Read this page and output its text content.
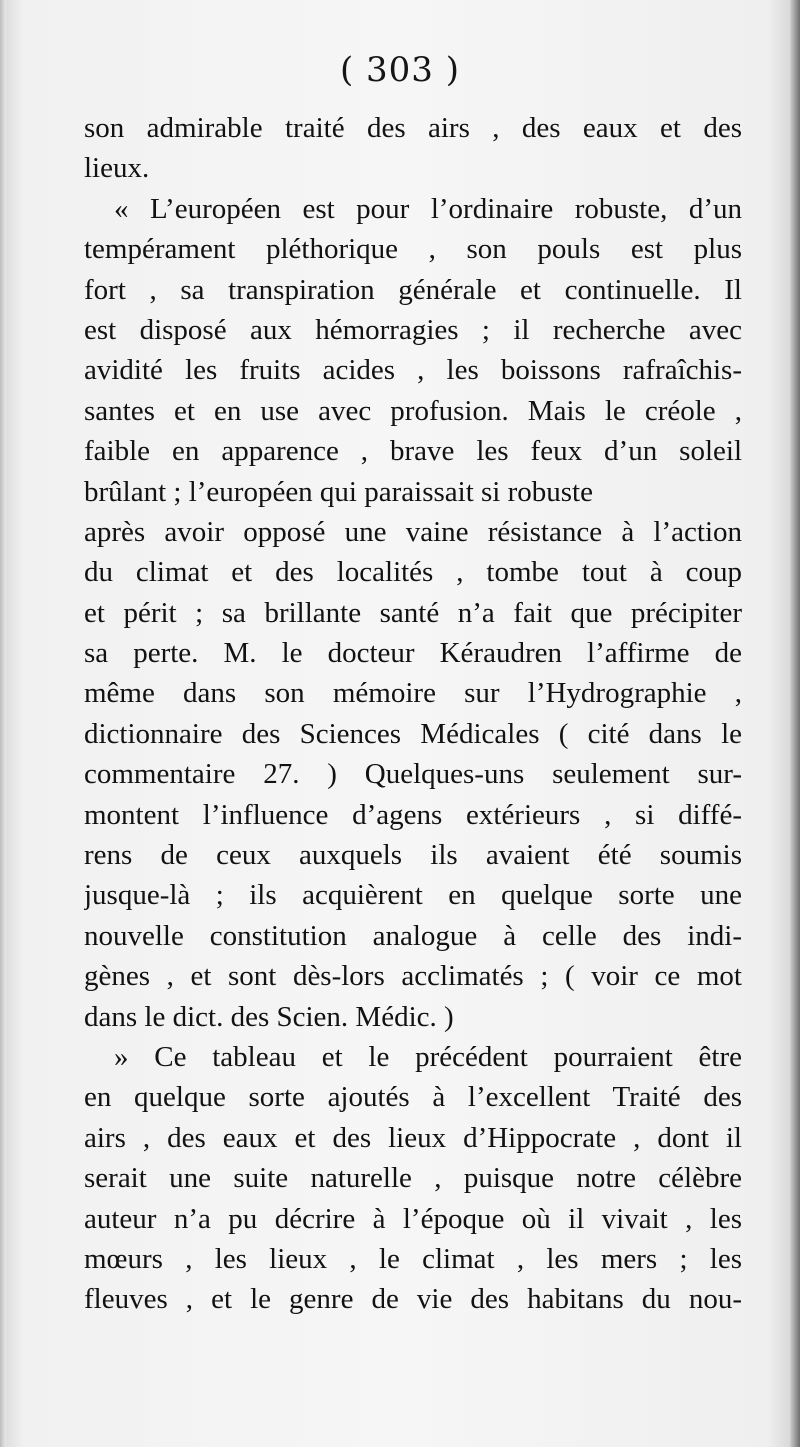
( 303 )
son admirable traité des airs , des eaux et des
lieux.
« L’européen est pour l’ordinaire robuste, d’un
tempérament pléthorique , son pouls est plus
fort , sa transpiration générale et continuelle. Il
est disposé aux hémorragies ; il recherche avec
avidité les fruits acides , les boissons rafraîchis-
santes et en use avec profusion. Mais le créole ,
faible en apparence , brave les feux d’un soleil
brûlant ; l’européen qui paraissait si robuste
après avoir opposé une vaine résistance à l’action
du climat et des localités , tombe tout à coup
et périt ; sa brillante santé n’a fait que précipiter
sa perte. M. le docteur Kéraudren l’affirme de
même dans son mémoire sur l’Hydrographie ,
dictionnaire des Sciences Médicales ( cité dans le
commentaire 27. ) Quelques-uns seulement sur-
montent l’influence d’agens extérieurs , si diffé-
rens de ceux auxquels ils avaient été soumis
jusque-là ; ils acquièrent en quelque sorte une
nouvelle constitution analogue à celle des indi-
gènes , et sont dès-lors acclimatés ; ( voir ce mot
dans le dict. des Scien. Médic. )
» Ce tableau et le précédent pourraient être
en quelque sorte ajoutés à l’excellent Traité des
airs , des eaux et des lieux d’Hippocrate , dont il
serait une suite naturelle , puisque notre célèbre
auteur n’a pu décrire à l’époque où il vivait , les
mœurs , les lieux , le climat , les mers ; les
fleuves , et le genre de vie des habitans du nou-
